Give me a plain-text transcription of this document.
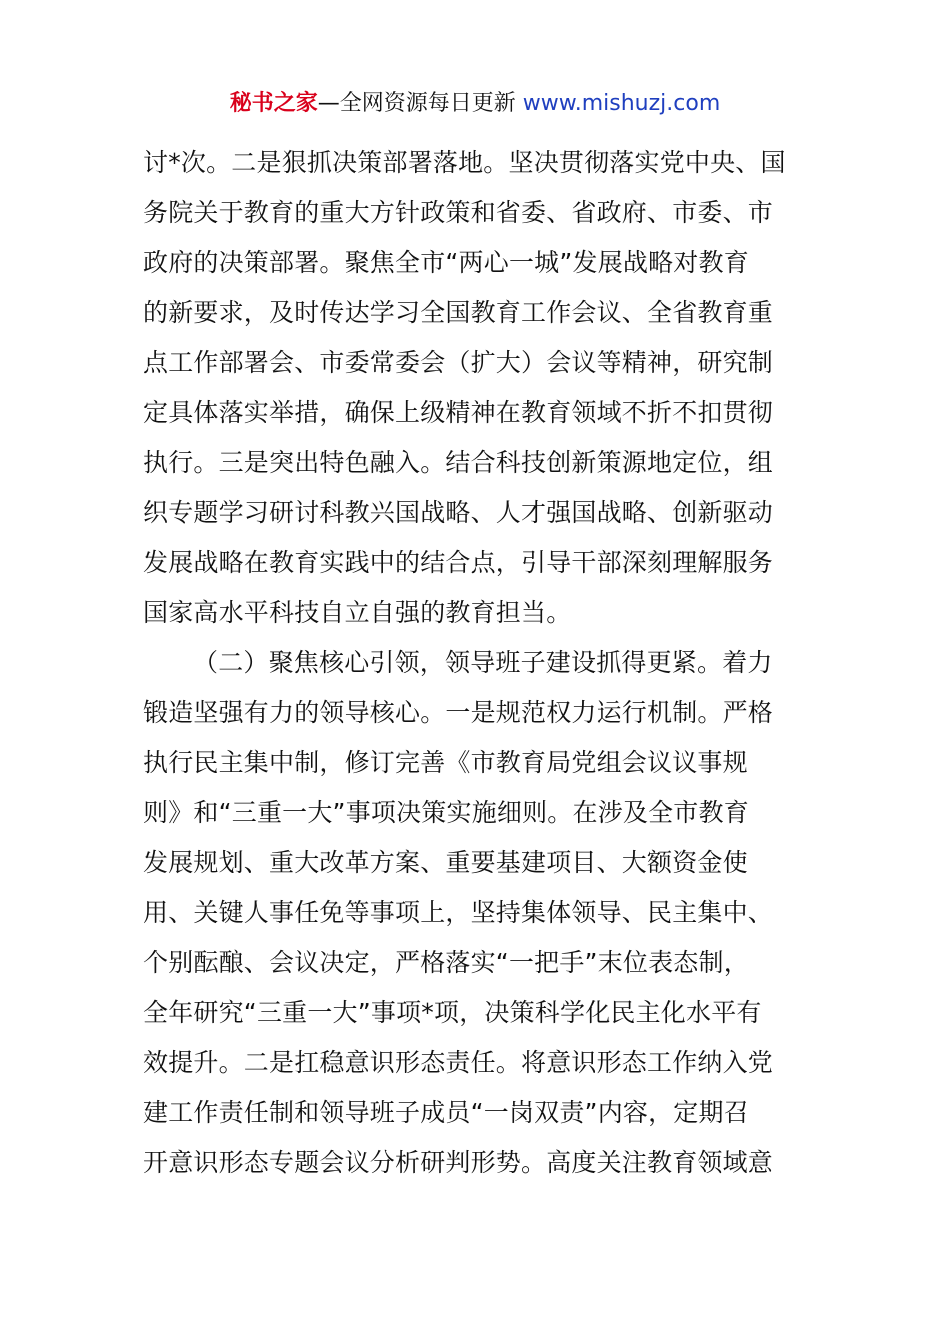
秘书之家—全网资源每日更新 www.mishuzj.com
讨*次。二是狠抓决策部署落地。坚决贯彻落实党中央、国
务院关于教育的重大方针政策和省委、省政府、市委、市
政府的决策部署。聚焦全市“两心一城”发展战略对教育
的新要求，及时传达学习全国教育工作会议、全省教育重
点工作部署会、市委常委会（扩大）会议等精神，研究制
定具体落实举措，确保上级精神在教育领域不折不扣贯彻
执行。三是突出特色融入。结合科技创新策源地定位，组
织专题学习研讨科教兴国战略、人才强国战略、创新驱动
发展战略在教育实践中的结合点，引导干部深刻理解服务
国家高水平科技自立自强的教育担当。
（二）聚焦核心引领，领导班子建设抓得更紧。着力
锻造坚强有力的领导核心。一是规范权力运行机制。严格
执行民主集中制，修订完善《市教育局党组会议议事规
则》和“三重一大”事项决策实施细则。在涉及全市教育
发展规划、重大改革方案、重要基建项目、大额资金使
用、关键人事任免等事项上，坚持集体领导、民主集中、
个别酝酿、会议决定，严格落实“一把手”末位表态制，
全年研究“三重一大”事项*项，决策科学化民主化水平有
效提升。二是扛稳意识形态责任。将意识形态工作纳入党
建工作责任制和领导班子成员“一岗双责”内容，定期召
开意识形态专题会议分析研判形势。高度关注教育领域意
